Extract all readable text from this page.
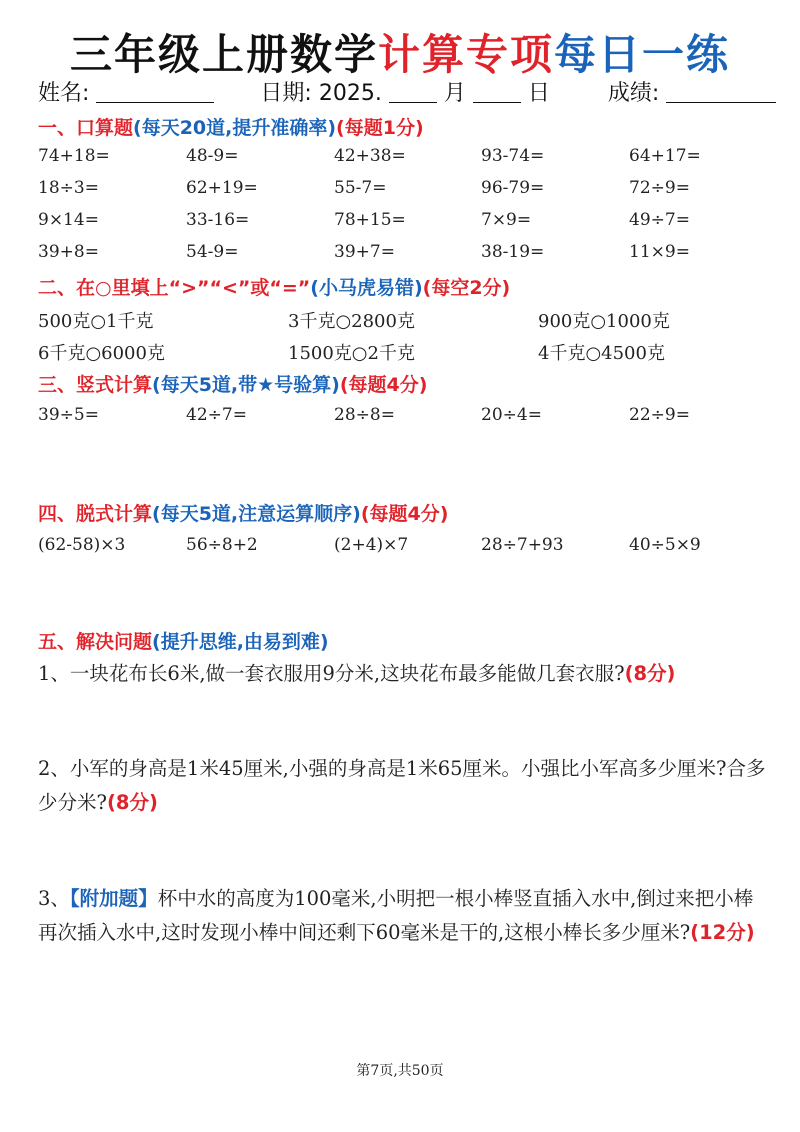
三年级上册数学计算专项每日一练
姓名:	日期: 2025.	月	日	成绩:
一、口算题(每天20道,提升准确率)(每题1分)
74+18=	48-9=	42+38=	93-74=	64+17=
18÷3=	62+19=	55-7=	96-79=	72÷9=
9×14=	33-16=	78+15=	7×9=	49÷7=
39+8=	54-9=	39+7=	38-19=	11×9=
二、在○里填上“>”“<”或“=”(小马虎易错)(每空2分)
500克○1千克	3千克○2800克	900克○1000克
6千克○6000克	1500克○2千克	4千克○4500克
三、竖式计算(每天5道,带★号验算)(每题4分)
39÷5=	42÷7=	28÷8=	20÷4=	22÷9=
四、脱式计算(每天5道,注意运算顺序)(每题4分)
(62-58)×3	56÷8+2	(2+4)×7	28÷7+93	40÷5×9
五、解决问题(提升思维,由易到难)
1、一块花布长6米,做一套衣服用9分米,这块花布最多能做几套衣服?(8分)
2、小军的身高是1米45厘米,小强的身高是1米65厘米。小强比小军高多少厘米?合多少分米?(8分)
3、【附加题】杯中水的高度为100毫米,小明把一根小棒竖直插入水中,倒过来把小棒再次插入水中,这时发现小棒中间还剩下60毫米是干的,这根小棒长多少厘米?(12分)
第7页,共50页
